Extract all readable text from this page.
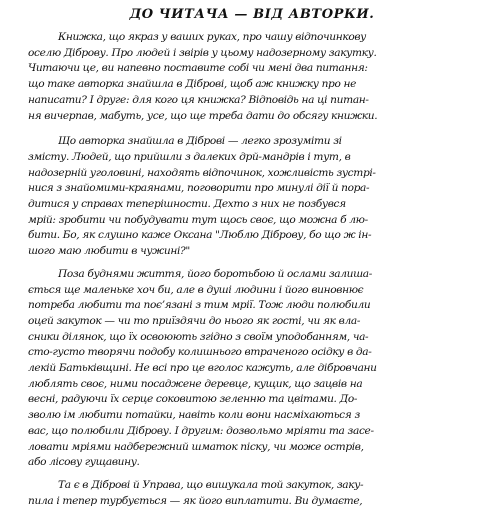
ДО ЧИТАЧА — ВІД АВТОРКИ.
Книжка, що якраз у ваших руках, про чашу відпочинкову
оселю Діброву. Про людей і звірів у цьому надозерному закутку.
Читаючи це, ви напевно поставите собі чи мені два питання:
що таке авторка знайшла в Діброві, щоб аж книжку про не
написати? І друге: для кого ця книжка? Відповідь на ці питан-
ня вичерпав, мабуть, усе, що ще треба дати до обсягу книжки.
Що авторка знайшла в Діброві — легко зрозуміти зі
змісту. Людей, що прийшли з далеких дрй-мандрів і тут, в
надозерній уголовині, находять відпочинок, хожливість зустрі-
нися з знайомими-краянами, поговорити про минулі дії й пора-
дитися у справах теперішности. Дехто з них не позбувся
мрій: зробити чи побудувати тут щось своє, що можна б лю-
бити. Бо, як слушно каже Оксана "Люблю Діброву, бо що ж ін-
шого маю любити в чужині?"
Поза буднями життя, його боротьбою й ослами залиша-
ється ще маленьке хоч би, але в душі людини і його виновнює
потреба любити та поєʼязані з тим мрії. Тож люди полюбили
оцей закуток — чи то приїздячи до нього як гості, чи як вла-
сники ділянок, що їх освоюють згідно з своїм уподобанням, ча-
сто-густо творячи подобу колишнього втраченого осідку в да-
лекій Батьківщині. Не всі про це вголос кажуть, але дібровчани
люблять своє, ними посаджене деревце, кущик, що зацвів на
весні, радуючи їх серце соковитою зеленню та цвітами. До-
зволю ім любити потайки, навіть коли вони насміхаються з
вас, що полюбили Діброву. І другим: дозвольмо мріяти та засе-
ловати мріями надбережний шматок піску, чи може острів,
або лісову гущавину.
Та є в Діброві й Управа, що вишукала той закуток, заку-
пила і тепер турбується — як його виплатити. Ви думаєте,
